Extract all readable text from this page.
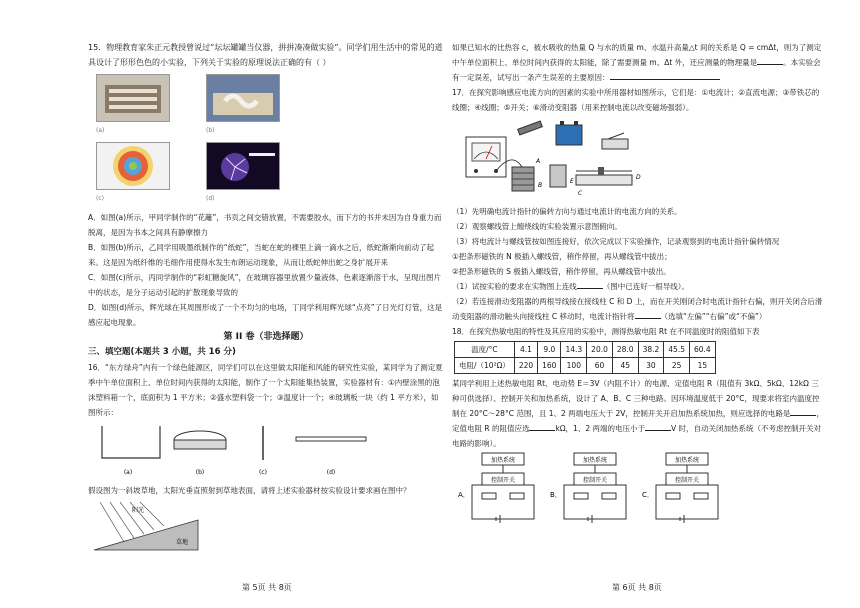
15．物理教育家朱正元教授曾说过“坛坛罐罐当仪器，拼拼凑凑做实验”。同学们用生活中的常见的道具设计了形形色色的小实验，下列关于实验的原理说法正确的有（ ）

(a)	(b)
(c)	(d)

A．如图(a)所示，甲同学制作的“花籬”，书页之间交错放置，不需要胶水，而下方的书并未因为自身重力而脱离，是因为书本之间具有静摩擦力

B．如图(b)所示，乙同学用吸墨纸制作的“纸蛇”，当蛇在蛇的裸里上滴一滴水之后，纸蛇渐渐向前动了起来。这是因为纸纤维的毛细作用使得水发生布朗运动现象，从而让纸蛇伸出蛇之身扩展开来

C．如图(c)所示，丙同学制作的“彩虹糖旋风”，在玻璃容器里放置少量液体，色素逐渐溶于水，呈现出图片中的状态，是分子运动引起的扩散现象导致的

D．如图(d)所示，辉光球在其周围形成了一个不均匀的电场，丁同学利用辉光球“点亮”了日光灯灯管，这是感应起电现象。

第 II 卷（非选择题）

三、填空题(本题共 3 小题，共 16 分)

16．“东方绿舟”内有一个绿色能源区，同学们可以在这里做太阳能和风能的研究性实验，某同学为了测定夏季中午单位面积上、单位时间内获得的太阳能，制作了一个太阳能集热装置，实验器材有：①内壁涂黑的泡沫塑料箱一个，底面积为 1 平方米；②盛水塑料袋一个；③温度计一个；④玻璃板一块（约 1 平方米），如图所示：

(a)	(b)	(c)	(d)

假设图为一斜坡草地，太阳光垂直照射到草地表面，请将上述实验器材按实验设计要求画在图中？

阳光
草地
第 5页 共 8页

如果已知水的比热容 c，被水吸收的热量 Q 与水的质量 m、水温升高量△t 间的关系是 Q = cmΔt，则为了测定中午单位面积上、单位时间内获得的太阳能，除了需要测量 m、Δt 外，还应测量的物理量是	。本实验会有一定误差，试写出一条产生误差的主要原因：

17．在探究影响感应电流方向的因素的实验中所用器材如图所示，它们是：①电流计；②直流电源；③带铁芯的线圈；④线圈；⑤开关；⑥滑动变阻器（用来控制电流以改变磁场强弱）。

A
B
E
D
C

（1）先明确电流计指针的偏转方向与通过电流计的电流方向的关系。

（2）观察螺线管上缠绕线的实验装置示意图俯向。

（3）将电流计与螺线管按如图连接好，依次完成以下实验操作，记录观察到的电流计指针偏转情况

①把条形磁铁的 N 极插入螺线管，稍作停留，再从螺线管中拔出；

②把条形磁铁的 S 极插入螺线管，稍作停留，再从螺线管中拔出。

（1）试按实验的要求在实物图上连线	（图中已连好一根导线）。

（2）若连接滑动变阻器的两根导线接在接线柱 C 和 D 上，而在开关刚闭合时电流计指针右偏，则开关闭合后滑动变阻器的滑动触头向接线柱 C 移动时，电流计指针将	（选填“左偏”“右偏”或“不偏”）

18．在探究热敏电阻的特性及其应用的实验中，测得热敏电阻 Rt 在不同温度时的阻值如下表

温度/°C	4.1	9.0	14.3	20.0	28.0	38.2	45.5	60.4
电阻/（10²Ω）	220	160	100	60	45	30	25	15

某同学利用上述热敏电阻 Rt、电动势 E＝3V（内阻不计）的电源、定值电阻 R（阻值有 3kΩ、5kΩ、12kΩ 三种可供选择）、控制开关和加热系统，设计了 A、B、C 三种电路。因环境温度低于 20°C，现要求将室内温度控制在 20°C～28°C 范围，且 1、2 两端电压大于 2V，控制开关开启加热系统加热，则应选择的电路是	，定值电阻 R 的阻值应选	kΩ，1、2 两端的电压小于	V 时，自动关闭加热系统（不考虑控制开关对电路的影响）。

A．
加热系统
控制开关
B．
加热系统
控制开关
C．
加热系统
控制开关
第 6页 共 8页
